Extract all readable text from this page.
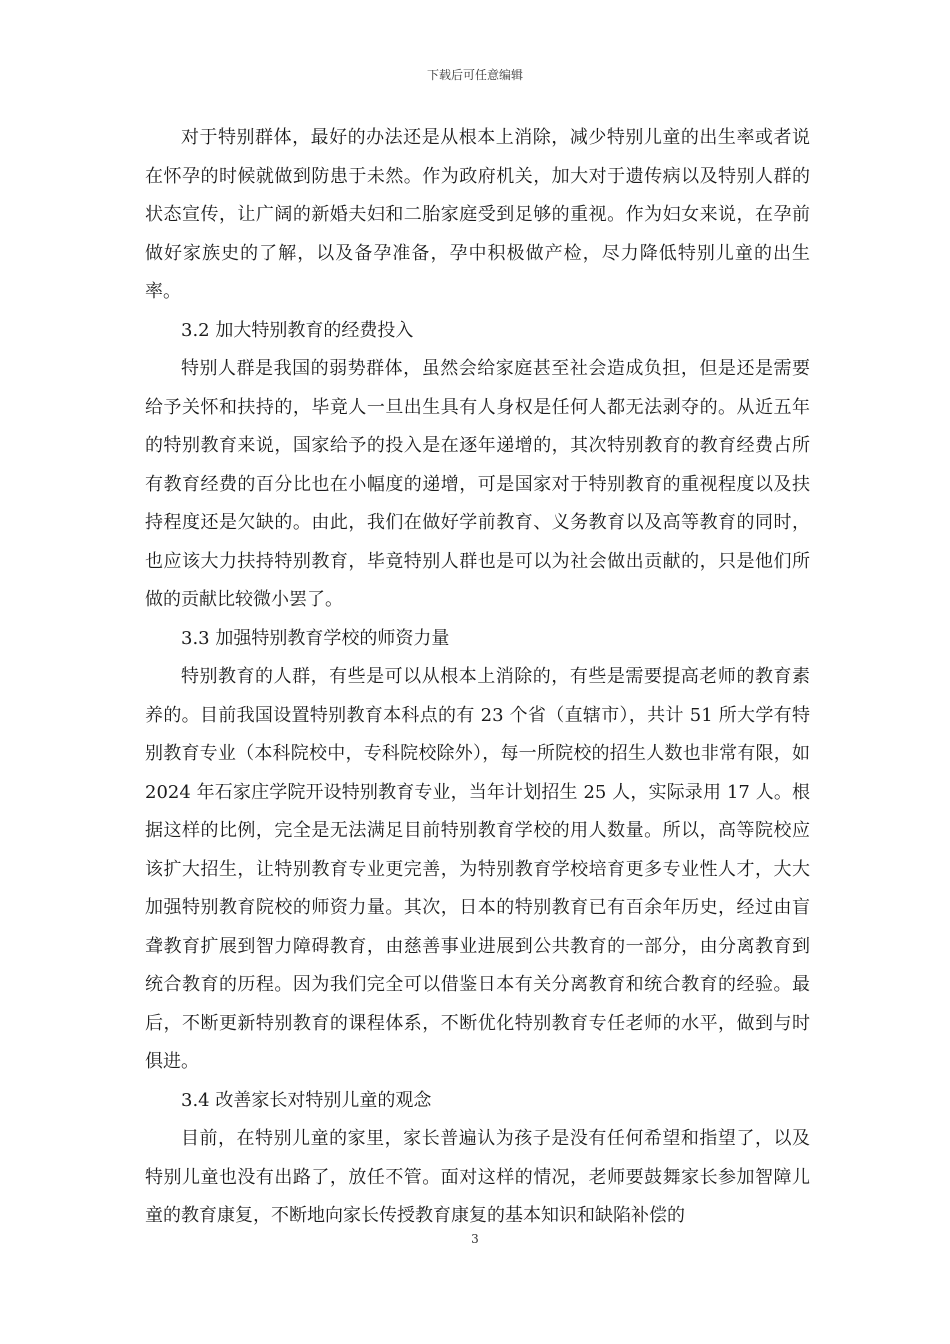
下载后可任意编辑

对于特别群体，最好的办法还是从根本上消除，减少特别儿童的出生率或者说在怀孕的时候就做到防患于未然。作为政府机关，加大对于遗传病以及特别人群的状态宣传，让广阔的新婚夫妇和二胎家庭受到足够的重视。作为妇女来说，在孕前做好家族史的了解，以及备孕准备，孕中积极做产检，尽力降低特别儿童的出生率。

3.2 加大特别教育的经费投入

特别人群是我国的弱势群体，虽然会给家庭甚至社会造成负担，但是还是需要给予关怀和扶持的，毕竟人一旦出生具有人身权是任何人都无法剥夺的。从近五年的特别教育来说，国家给予的投入是在逐年递增的，其次特别教育的教育经费占所有教育经费的百分比也在小幅度的递增，可是国家对于特别教育的重视程度以及扶持程度还是欠缺的。由此，我们在做好学前教育、义务教育以及高等教育的同时，也应该大力扶持特别教育，毕竟特别人群也是可以为社会做出贡献的，只是他们所做的贡献比较微小罢了。

3.3 加强特别教育学校的师资力量

特别教育的人群，有些是可以从根本上消除的，有些是需要提高老师的教育素养的。目前我国设置特别教育本科点的有 23 个省（直辖市），共计 51 所大学有特别教育专业（本科院校中，专科院校除外），每一所院校的招生人数也非常有限，如 2024 年石家庄学院开设特别教育专业，当年计划招生 25 人，实际录用 17 人。根据这样的比例，完全是无法满足目前特别教育学校的用人数量。所以，高等院校应该扩大招生，让特别教育专业更完善，为特别教育学校培育更多专业性人才，大大加强特别教育院校的师资力量。其次，日本的特别教育已有百余年历史，经过由盲聋教育扩展到智力障碍教育，由慈善事业进展到公共教育的一部分，由分离教育到统合教育的历程。因为我们完全可以借鉴日本有关分离教育和统合教育的经验。最后，不断更新特别教育的课程体系，不断优化特别教育专任老师的水平，做到与时俱进。

3.4 改善家长对特别儿童的观念

目前，在特别儿童的家里，家长普遍认为孩子是没有任何希望和指望了，以及特别儿童也没有出路了，放任不管。面对这样的情况，老师要鼓舞家长参加智障儿童的教育康复，不断地向家长传授教育康复的基本知识和缺陷补偿的

3
